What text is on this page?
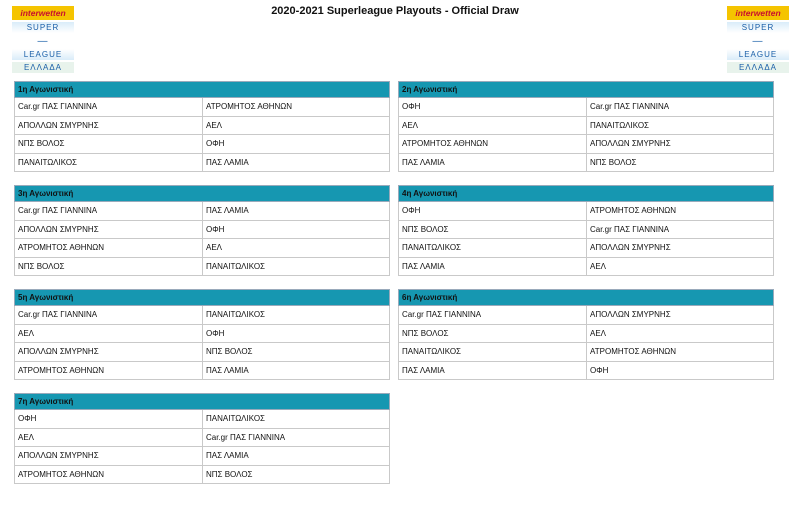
2020-2021 Superleague Playouts - Official Draw
interwetten
SUPER
—
LEAGUE
ΕΛΛΑΔΑ
interwetten
SUPER
—
LEAGUE
ΕΛΛΑΔΑ
1η Αγωνιστική
Car.gr ΠΑΣ ΓΙΑΝΝΙΝΑ	ΑΤΡΟΜΗΤΟΣ ΑΘΗΝΩΝ
ΑΠΟΛΛΩΝ ΣΜΥΡΝΗΣ	ΑΕΛ
ΝΠΣ ΒΟΛΟΣ	ΟΦΗ
ΠΑΝΑΙΤΩΛΙΚΟΣ	ΠΑΣ ΛΑΜΙΑ
2η Αγωνιστική
ΟΦΗ	Car.gr ΠΑΣ ΓΙΑΝΝΙΝΑ
ΑΕΛ	ΠΑΝΑΙΤΩΛΙΚΟΣ
ΑΤΡΟΜΗΤΟΣ ΑΘΗΝΩΝ	ΑΠΟΛΛΩΝ ΣΜΥΡΝΗΣ
ΠΑΣ ΛΑΜΙΑ	ΝΠΣ ΒΟΛΟΣ
3η Αγωνιστική
Car.gr ΠΑΣ ΓΙΑΝΝΙΝΑ	ΠΑΣ ΛΑΜΙΑ
ΑΠΟΛΛΩΝ ΣΜΥΡΝΗΣ	ΟΦΗ
ΑΤΡΟΜΗΤΟΣ ΑΘΗΝΩΝ	ΑΕΛ
ΝΠΣ ΒΟΛΟΣ	ΠΑΝΑΙΤΩΛΙΚΟΣ
4η Αγωνιστική
ΟΦΗ	ΑΤΡΟΜΗΤΟΣ ΑΘΗΝΩΝ
ΝΠΣ ΒΟΛΟΣ	Car.gr ΠΑΣ ΓΙΑΝΝΙΝΑ
ΠΑΝΑΙΤΩΛΙΚΟΣ	ΑΠΟΛΛΩΝ ΣΜΥΡΝΗΣ
ΠΑΣ ΛΑΜΙΑ	ΑΕΛ
5η Αγωνιστική
Car.gr ΠΑΣ ΓΙΑΝΝΙΝΑ	ΠΑΝΑΙΤΩΛΙΚΟΣ
ΑΕΛ	ΟΦΗ
ΑΠΟΛΛΩΝ ΣΜΥΡΝΗΣ	ΝΠΣ ΒΟΛΟΣ
ΑΤΡΟΜΗΤΟΣ ΑΘΗΝΩΝ	ΠΑΣ ΛΑΜΙΑ
6η Αγωνιστική
Car.gr ΠΑΣ ΓΙΑΝΝΙΝΑ	ΑΠΟΛΛΩΝ ΣΜΥΡΝΗΣ
ΝΠΣ ΒΟΛΟΣ	ΑΕΛ
ΠΑΝΑΙΤΩΛΙΚΟΣ	ΑΤΡΟΜΗΤΟΣ ΑΘΗΝΩΝ
ΠΑΣ ΛΑΜΙΑ	ΟΦΗ
7η Αγωνιστική
ΟΦΗ	ΠΑΝΑΙΤΩΛΙΚΟΣ
ΑΕΛ	Car.gr ΠΑΣ ΓΙΑΝΝΙΝΑ
ΑΠΟΛΛΩΝ ΣΜΥΡΝΗΣ	ΠΑΣ ΛΑΜΙΑ
ΑΤΡΟΜΗΤΟΣ ΑΘΗΝΩΝ	ΝΠΣ ΒΟΛΟΣ
